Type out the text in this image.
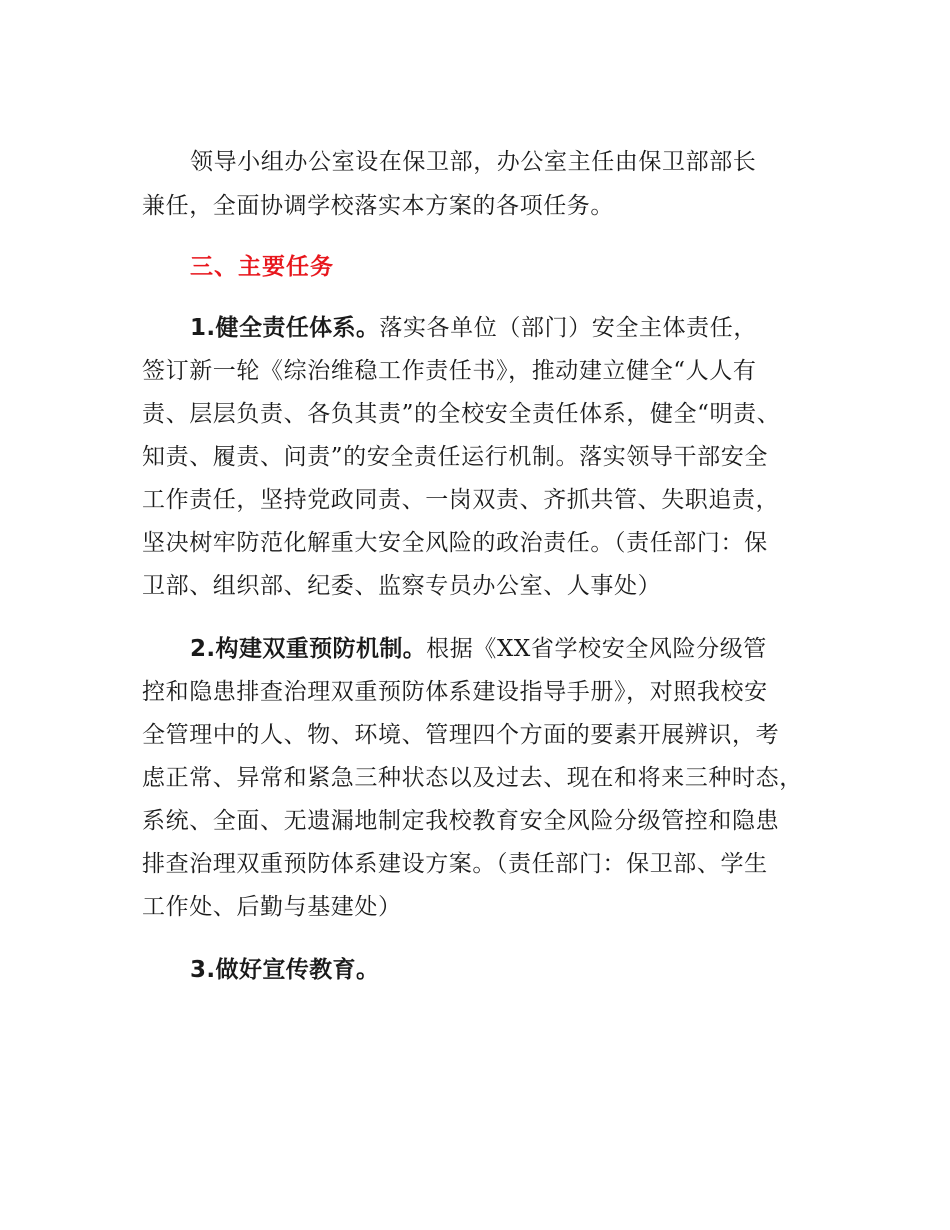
领导小组办公室设在保卫部，办公室主任由保卫部部长
兼任，全面协调学校落实本方案的各项任务。
三、主要任务
1.健全责任体系。落实各单位（部门）安全主体责任，
签订新一轮《综治维稳工作责任书》，推动建立健全“人人有
责、层层负责、各负其责”的全校安全责任体系，健全“明责、
知责、履责、问责”的安全责任运行机制。落实领导干部安全
工作责任，坚持党政同责、一岗双责、齐抓共管、失职追责，
坚决树牢防范化解重大安全风险的政治责任。（责任部门：保
卫部、组织部、纪委、监察专员办公室、人事处）
2.构建双重预防机制。根据《XX省学校安全风险分级管
控和隐患排查治理双重预防体系建设指导手册》，对照我校安
全管理中的人、物、环境、管理四个方面的要素开展辨识，考
虑正常、异常和紧急三种状态以及过去、现在和将来三种时态，
系统、全面、无遗漏地制定我校教育安全风险分级管控和隐患
排查治理双重预防体系建设方案。（责任部门：保卫部、学生
工作处、后勤与基建处）
3.做好宣传教育。
